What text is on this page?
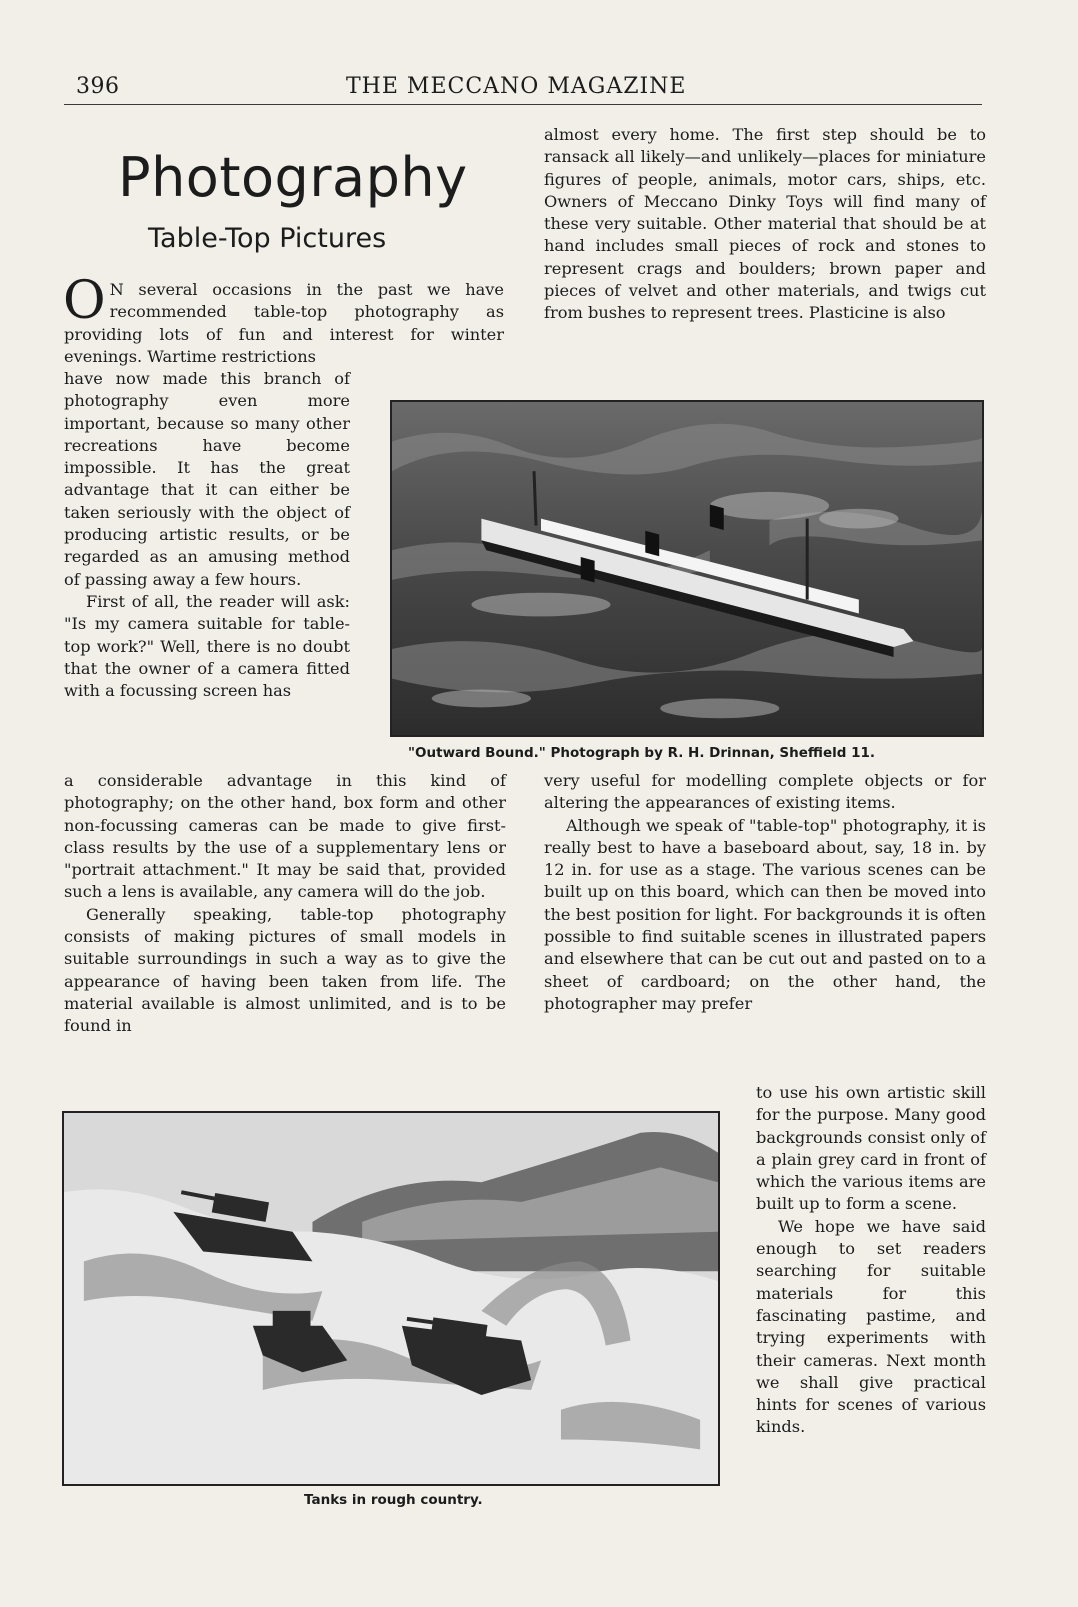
396	THE MECCANO MAGAZINE
Photography
Table-Top Pictures
O N several occasions in the past we have recommended table-top photography as providing lots of fun and interest for winter evenings. Wartime restrictions

have now made this branch of photography even more important, because so many other recreations have become impossible. It has the great advantage that it can either be taken seriously with the object of producing artistic results, or be regarded as an amusing method of passing away a few hours.

First of all, the reader will ask: "Is my camera suitable for table-top work?" Well, there is no doubt that the owner of a camera fitted with a focussing screen has

a considerable advantage in this kind of photography; on the other hand, box form and other non-focussing cameras can be made to give first-class results by the use of a supplementary lens or "portrait attachment." It may be said that, provided such a lens is available, any camera will do the job.

Generally speaking, table-top photography consists of making pictures of small models in suitable surroundings in such a way as to give the appearance of having been taken from life. The material available is almost unlimited, and is to be found in

almost every home. The first step should be to ransack all likely—and unlikely—places for miniature figures of people, animals, motor cars, ships, etc. Owners of Meccano Dinky Toys will find many of these very suitable. Other material that should be at hand includes small pieces of rock and stones to represent crags and boulders; brown paper and pieces of velvet and other materials, and twigs cut from bushes to represent trees. Plasticine is also

very useful for modelling complete objects or for altering the appearances of existing items.

Although we speak of "table-top" photography, it is really best to have a baseboard about, say, 18 in. by 12 in. for use as a stage. The various scenes can be built up on this board, which can then be moved into the best position for light. For backgrounds it is often possible to find suitable scenes in illustrated papers and elsewhere that can be cut out and pasted on to a sheet of cardboard; on the other hand, the photographer may prefer

to use his own artistic skill for the purpose. Many good backgrounds consist only of a plain grey card in front of which the various items are built up to form a scene.

We hope we have said enough to set readers searching for suitable materials for this fascinating pastime, and trying experiments with their cameras. Next month we shall give practical hints for scenes of various kinds.

"Outward Bound." Photograph by R. H. Drinnan, Sheffield 11.
Tanks in rough country.
